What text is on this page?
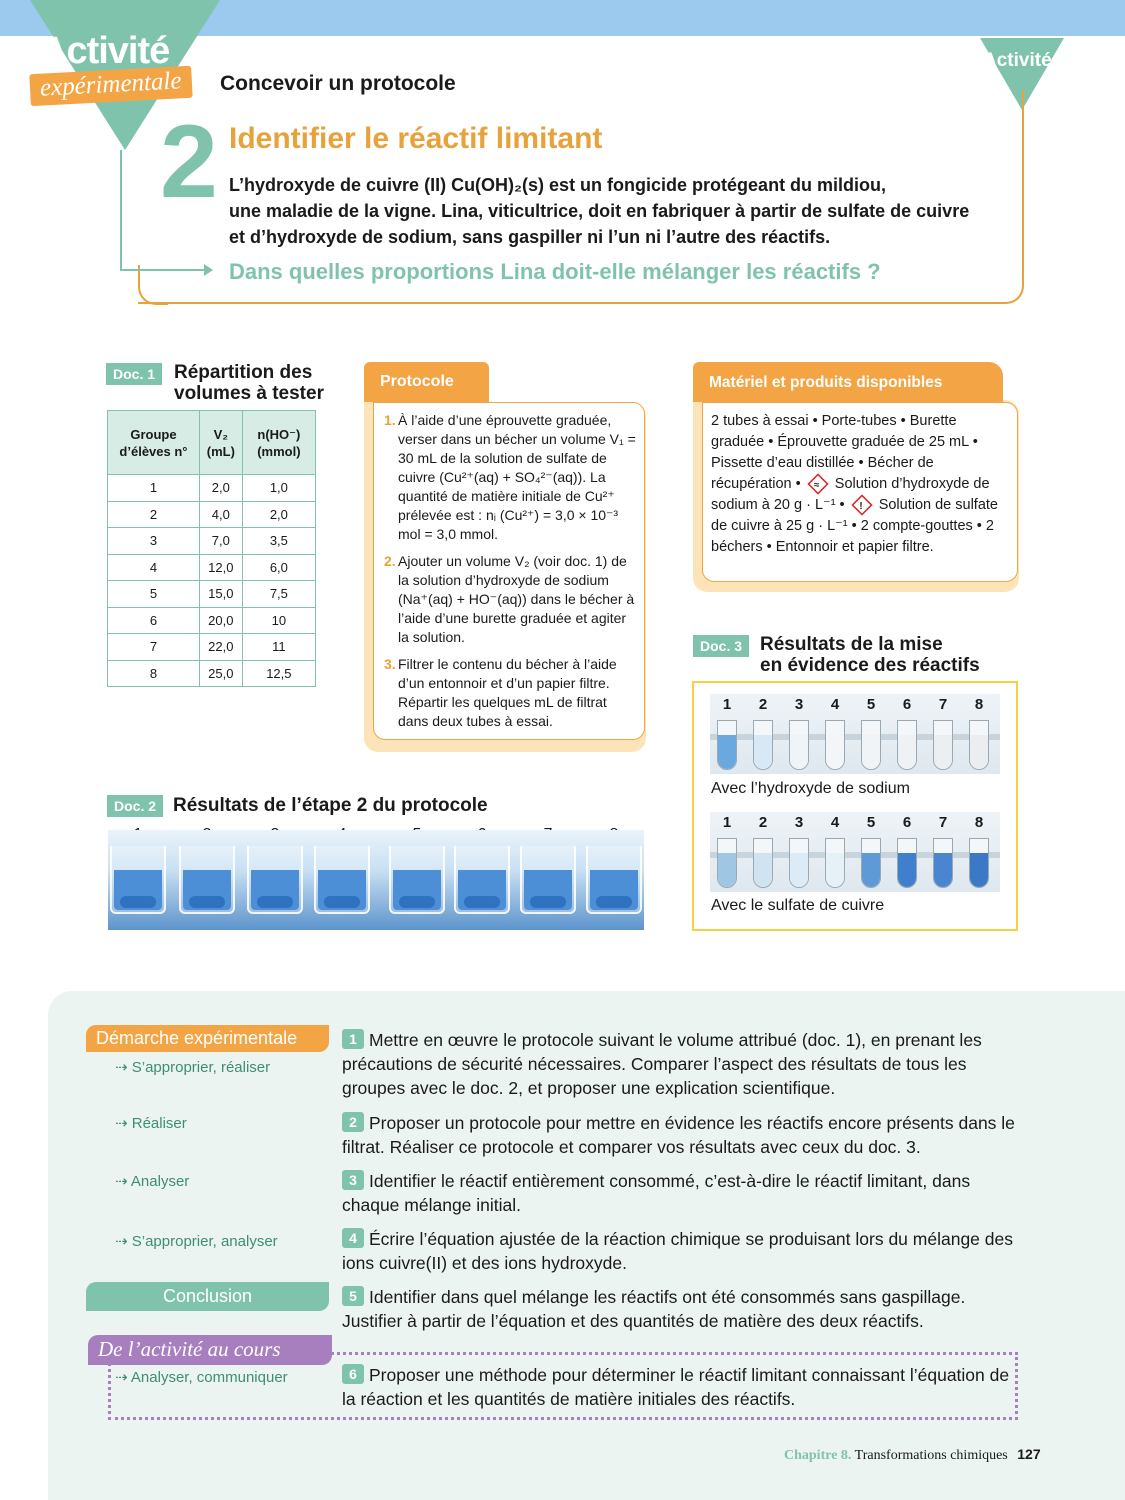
Activité
expérimentale	Concevoir un protocole
Activité
2 Identifier le réactif limitant
L’hydroxyde de cuivre (II) Cu(OH)₂(s) est un fongicide protégeant du mildiou,
une maladie de la vigne. Lina, viticultrice, doit en fabriquer à partir de sulfate de cuivre
et d’hydroxyde de sodium, sans gaspiller ni l’un ni l’autre des réactifs.
Dans quelles proportions Lina doit-elle mélanger les réactifs ?
Doc. 1 Répartition des
volumes à tester
Groupe d’élèves n°	V₂ (mL)	n(HO⁻) (mmol)
1	2,0	1,0
2	4,0	2,0
3	7,0	3,5
4	12,0	6,0
5	15,0	7,5
6	20,0	10
7	22,0	11
8	25,0	12,5
Protocole
1. À l’aide d’une éprouvette graduée, verser dans un bécher un volume V₁ = 30 mL de la solution de sulfate de cuivre (Cu²⁺(aq) + SO₄²⁻(aq)). La quantité de matière initiale de Cu²⁺ prélevée est : nᵢ (Cu²⁺) = 3,0 × 10⁻³ mol = 3,0 mmol.
2. Ajouter un volume V₂ (voir doc. 1) de la solution d’hydroxyde de sodium (Na⁺(aq) + HO⁻(aq)) dans le bécher à l’aide d’une burette graduée et agiter la solution.
3. Filtrer le contenu du bécher à l’aide d’un entonnoir et d’un papier filtre. Répartir les quelques mL de filtrat dans deux tubes à essai.
Matériel et produits disponibles
2 tubes à essai • Porte-tubes • Burette graduée • Éprouvette graduée de 25 mL • Pissette d’eau distillée • Bécher de récupération • ≈ Solution d’hydroxyde de sodium à 20 g · L⁻¹ • ! Solution de sulfate de cuivre à 25 g · L⁻¹ • 2 compte-gouttes • 2 béchers • Entonnoir et papier filtre.
Doc. 3 Résultats de la mise
en évidence des réactifs
1	2	3	4	5	6	7	8
Avec l’hydroxyde de sodium
1	2	3	4	5	6	7	8
Avec le sulfate de cuivre
Doc. 2 Résultats de l’étape 2 du protocole
Démarche expérimentale
Conclusion
De l’activité au cours
⇢ S’approprier, réaliser
⇢ Réaliser
⇢ Analyser
⇢ S’approprier, analyser
⇢ Analyser, communiquer
1 Mettre en œuvre le protocole suivant le volume attribué (doc. 1), en prenant les précautions de sécurité nécessaires. Comparer l’aspect des résultats de tous les groupes avec le doc. 2, et proposer une explication scientifique.
2 Proposer un protocole pour mettre en évidence les réactifs encore présents dans le filtrat. Réaliser ce protocole et comparer vos résultats avec ceux du doc. 3.
3 Identifier le réactif entièrement consommé, c’est-à-dire le réactif limitant, dans chaque mélange initial.
4 Écrire l’équation ajustée de la réaction chimique se produisant lors du mélange des ions cuivre(II) et des ions hydroxyde.
5 Identifier dans quel mélange les réactifs ont été consommés sans gaspillage. Justifier à partir de l’équation et des quantités de matière des deux réactifs.
6 Proposer une méthode pour déterminer le réactif limitant connaissant l’équation de la réaction et les quantités de matière initiales des réactifs.
Chapitre 8. Transformations chimiques 127
